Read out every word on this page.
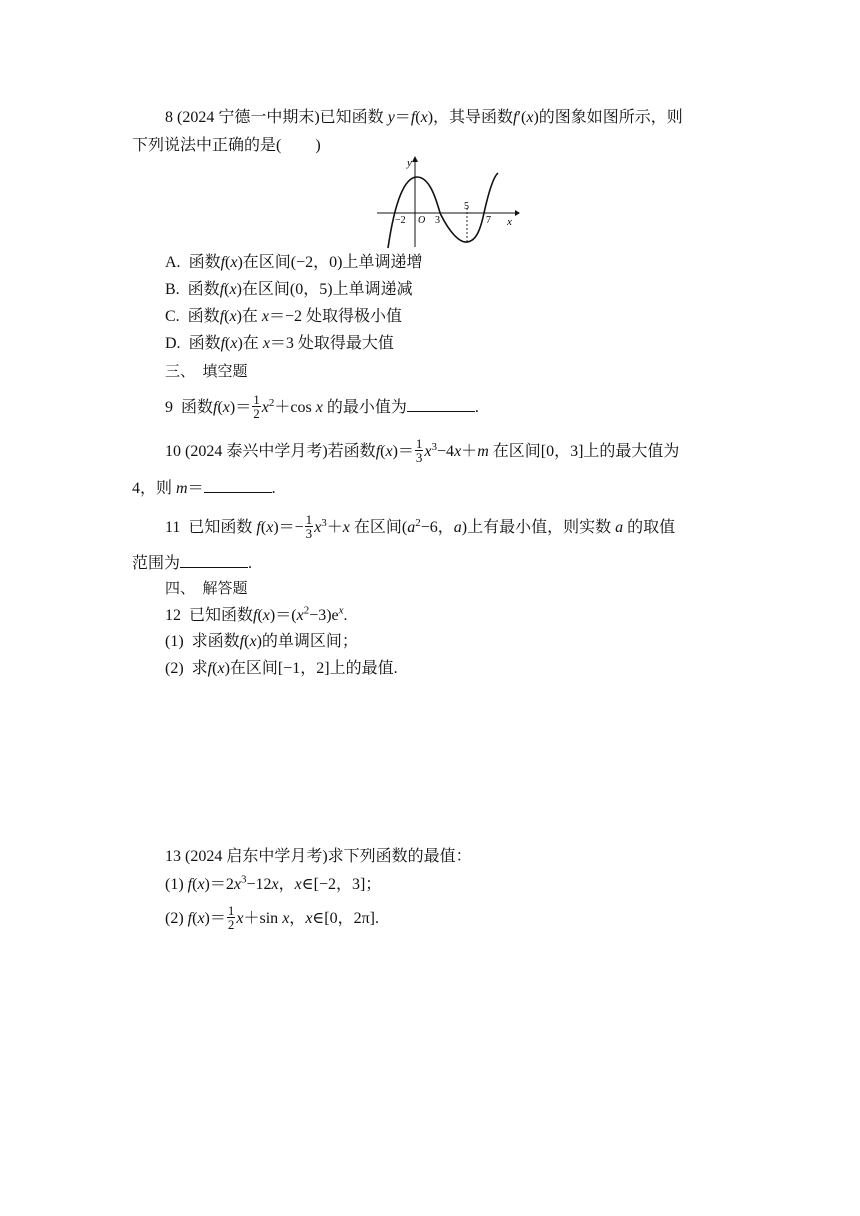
8 (2024 宁德一中期末)已知函数 y＝f(x)，其导函数f′(x)的图象如图所示，则
下列说法中正确的是( )
y
x
O
−2	3
5
7
A. 函数f(x)在区间(−2，0)上单调递增
B. 函数f(x)在区间(0，5)上单调递减
C. 函数f(x)在 x＝−2 处取得极小值
D. 函数f(x)在 x＝3 处取得最大值
三、　填空题
9 函数$f(x)= \frac{1}{2} x^2+\cos$ x 的最小值为	.
10 (2024 泰兴中学月考)若函数$f(x)= \frac{1}{3} x^3-4x+m$ 在区间[0，3]上的最大值为
4，则 m＝	.
11 已知函数 $f(x)=- \frac{1}{3} x^3+x$ 在区间($a^2-6$，a)上有最小值，则实数 a 的取值
范围为	.
四、　解答题
12 已知函数$f(x)=(x^2-3)e^x$.
(1) 求函数f(x)的单调区间；
(2) 求f(x)在区间[−1，2]上的最值.
13 (2024 启东中学月考)求下列函数的最值：
(1) $f(x)=2x^3-12x$，x∈[−2，3]；
(2) $f(x)= \frac{1}{2} x+\sin$ x，x∈[0，2π].
